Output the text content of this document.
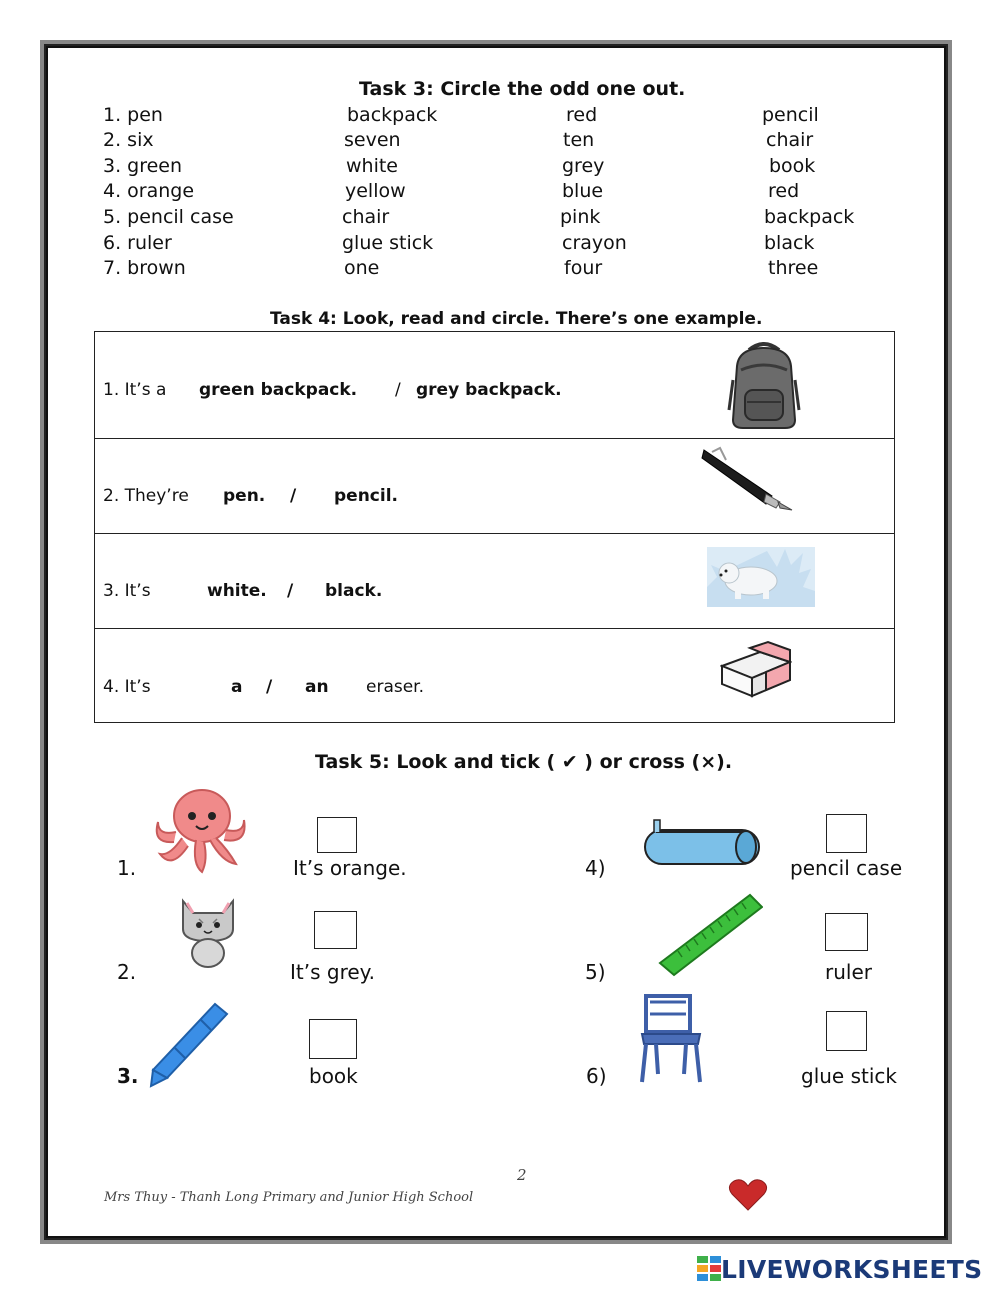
Task 3: Circle the odd one out.
1. pen	backpack	red	pencil
2. six	seven	ten	chair
3. green	white	grey	book
4. orange	yellow	blue	red
5. pencil case	chair	pink	backpack
6. ruler	glue stick	crayon	black
7. brown	one	four	three
Task 4: Look, read and circle. There’s one example.
1. It’s a green backpack. / grey backpack.
2. They’re pen. / pencil.
3. It’s	white. / black.
4. It’s	a / an eraser.
Task 5: Look and tick ( ✔ ) or cross (×).
1.	It’s orange.
2.	It’s grey.
3.	book
4)	pencil case
5)	ruler
6)	glue stick
2
Mrs Thuy - Thanh Long Primary and Junior High School
LIVEWORKSHEETS
